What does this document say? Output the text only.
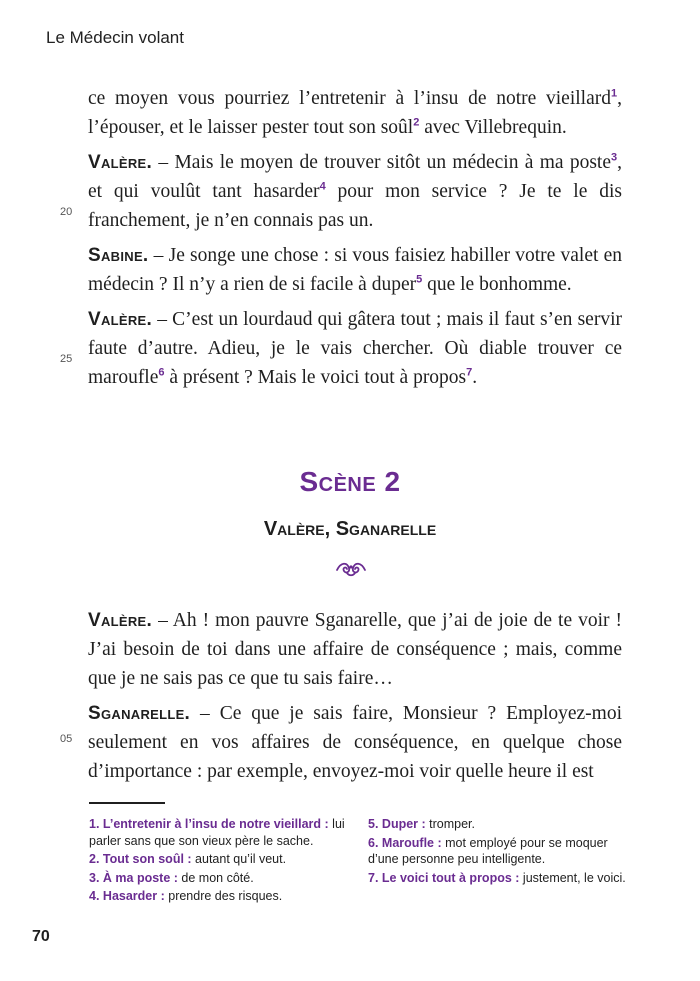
Le Médecin volant

ce moyen vous pourriez l’entretenir à l’insu de notre vieillard$^1$, l’épouser, et le laisser pester tout son soûl$^2$ avec Villebrequin.

Valère. – Mais le moyen de trouver sitôt un médecin à ma poste$^3$, et qui voulût tant hasarder$^4$ pour mon service ? Je te le dis franchement, je n’en connais pas un.

Sabine. – Je songe une chose : si vous faisiez habiller votre valet en médecin ? Il n’y a rien de si facile à duper$^5$ que le bonhomme.

Valère. – C’est un lourdaud qui gâtera tout ; mais il faut s’en servir faute d’autre. Adieu, je le vais chercher. Où diable trouver ce maroufle$^6$ à présent ? Mais le voici tout à propos$^7$.

20
25
Scène 2
Valère, Sganarelle

Valère. – Ah ! mon pauvre Sganarelle, que j’ai de joie de te voir ! J’ai besoin de toi dans une affaire de conséquence ; mais, comme que je ne sais pas ce que tu sais faire…

Sganarelle. – Ce que je sais faire, Monsieur ? Employez-moi seulement en vos affaires de conséquence, en quelque chose d’importance : par exemple, envoyez-moi voir quelle heure il est

05
1. L’entretenir à l’insu de notre vieillard : lui parler sans que son vieux père le sache.
2. Tout son soûl : autant qu’il veut.
3. À ma poste : de mon côté.
4. Hasarder : prendre des risques.
5. Duper : tromper.
6. Maroufle : mot employé pour se moquer d’une personne peu intelligente.
7. Le voici tout à propos : justement, le voici.
70
